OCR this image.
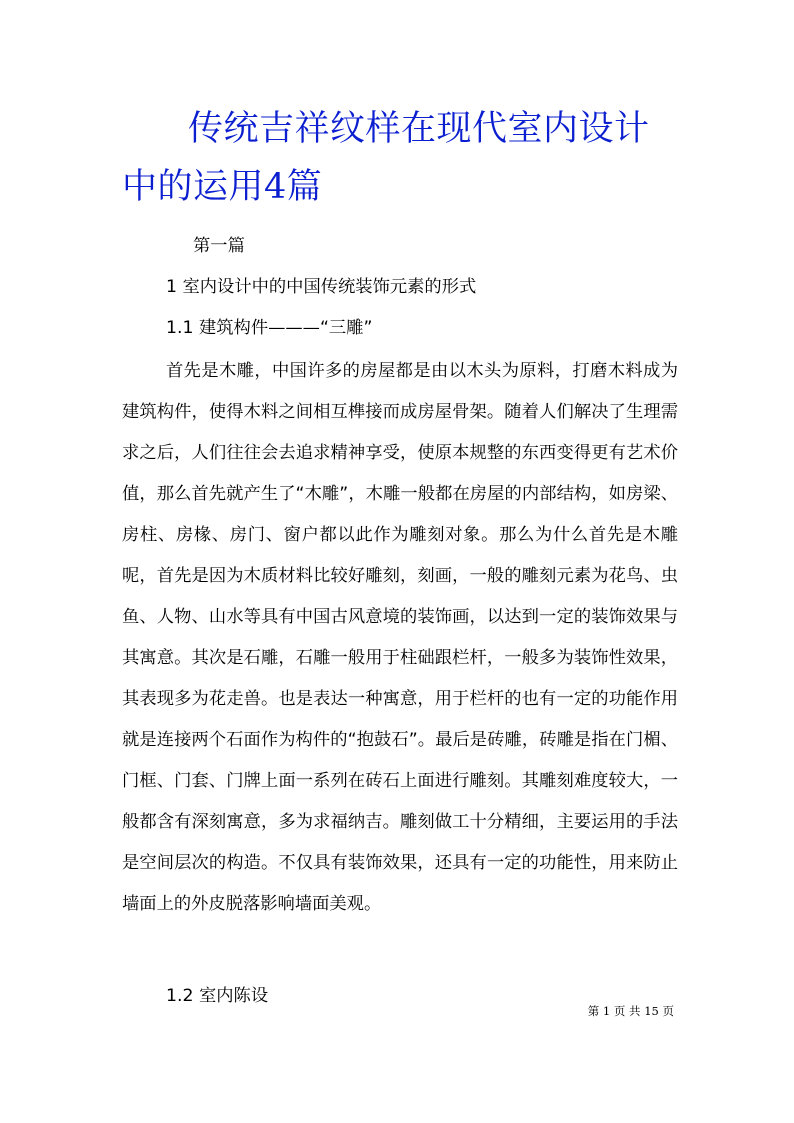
传统吉祥纹样在现代室内设计中的运用4篇

第一篇

1 室内设计中的中国传统装饰元素的形式

1.1 建筑构件———“三雕”

首先是木雕，中国许多的房屋都是由以木头为原料，打磨木料成为建筑构件，使得木料之间相互榫接而成房屋骨架。随着人们解决了生理需求之后，人们往往会去追求精神享受，使原本规整的东西变得更有艺术价值，那么首先就产生了“木雕”，木雕一般都在房屋的内部结构，如房梁、房柱、房椽、房门、窗户都以此作为雕刻对象。那么为什么首先是木雕呢，首先是因为木质材料比较好雕刻，刻画，一般的雕刻元素为花鸟、虫鱼、人物、山水等具有中国古风意境的装饰画，以达到一定的装饰效果与其寓意。其次是石雕，石雕一般用于柱础跟栏杆，一般多为装饰性效果，其表现多为花走兽。也是表达一种寓意，用于栏杆的也有一定的功能作用就是连接两个石面作为构件的“抱鼓石”。最后是砖雕，砖雕是指在门楣、门框、门套、门牌上面一系列在砖石上面进行雕刻。其雕刻难度较大，一般都含有深刻寓意，多为求福纳吉。雕刻做工十分精细，主要运用的手法是空间层次的构造。不仅具有装饰效果，还具有一定的功能性，用来防止墙面上的外皮脱落影响墙面美观。

1.2 室内陈设

第 1 页 共 15 页
